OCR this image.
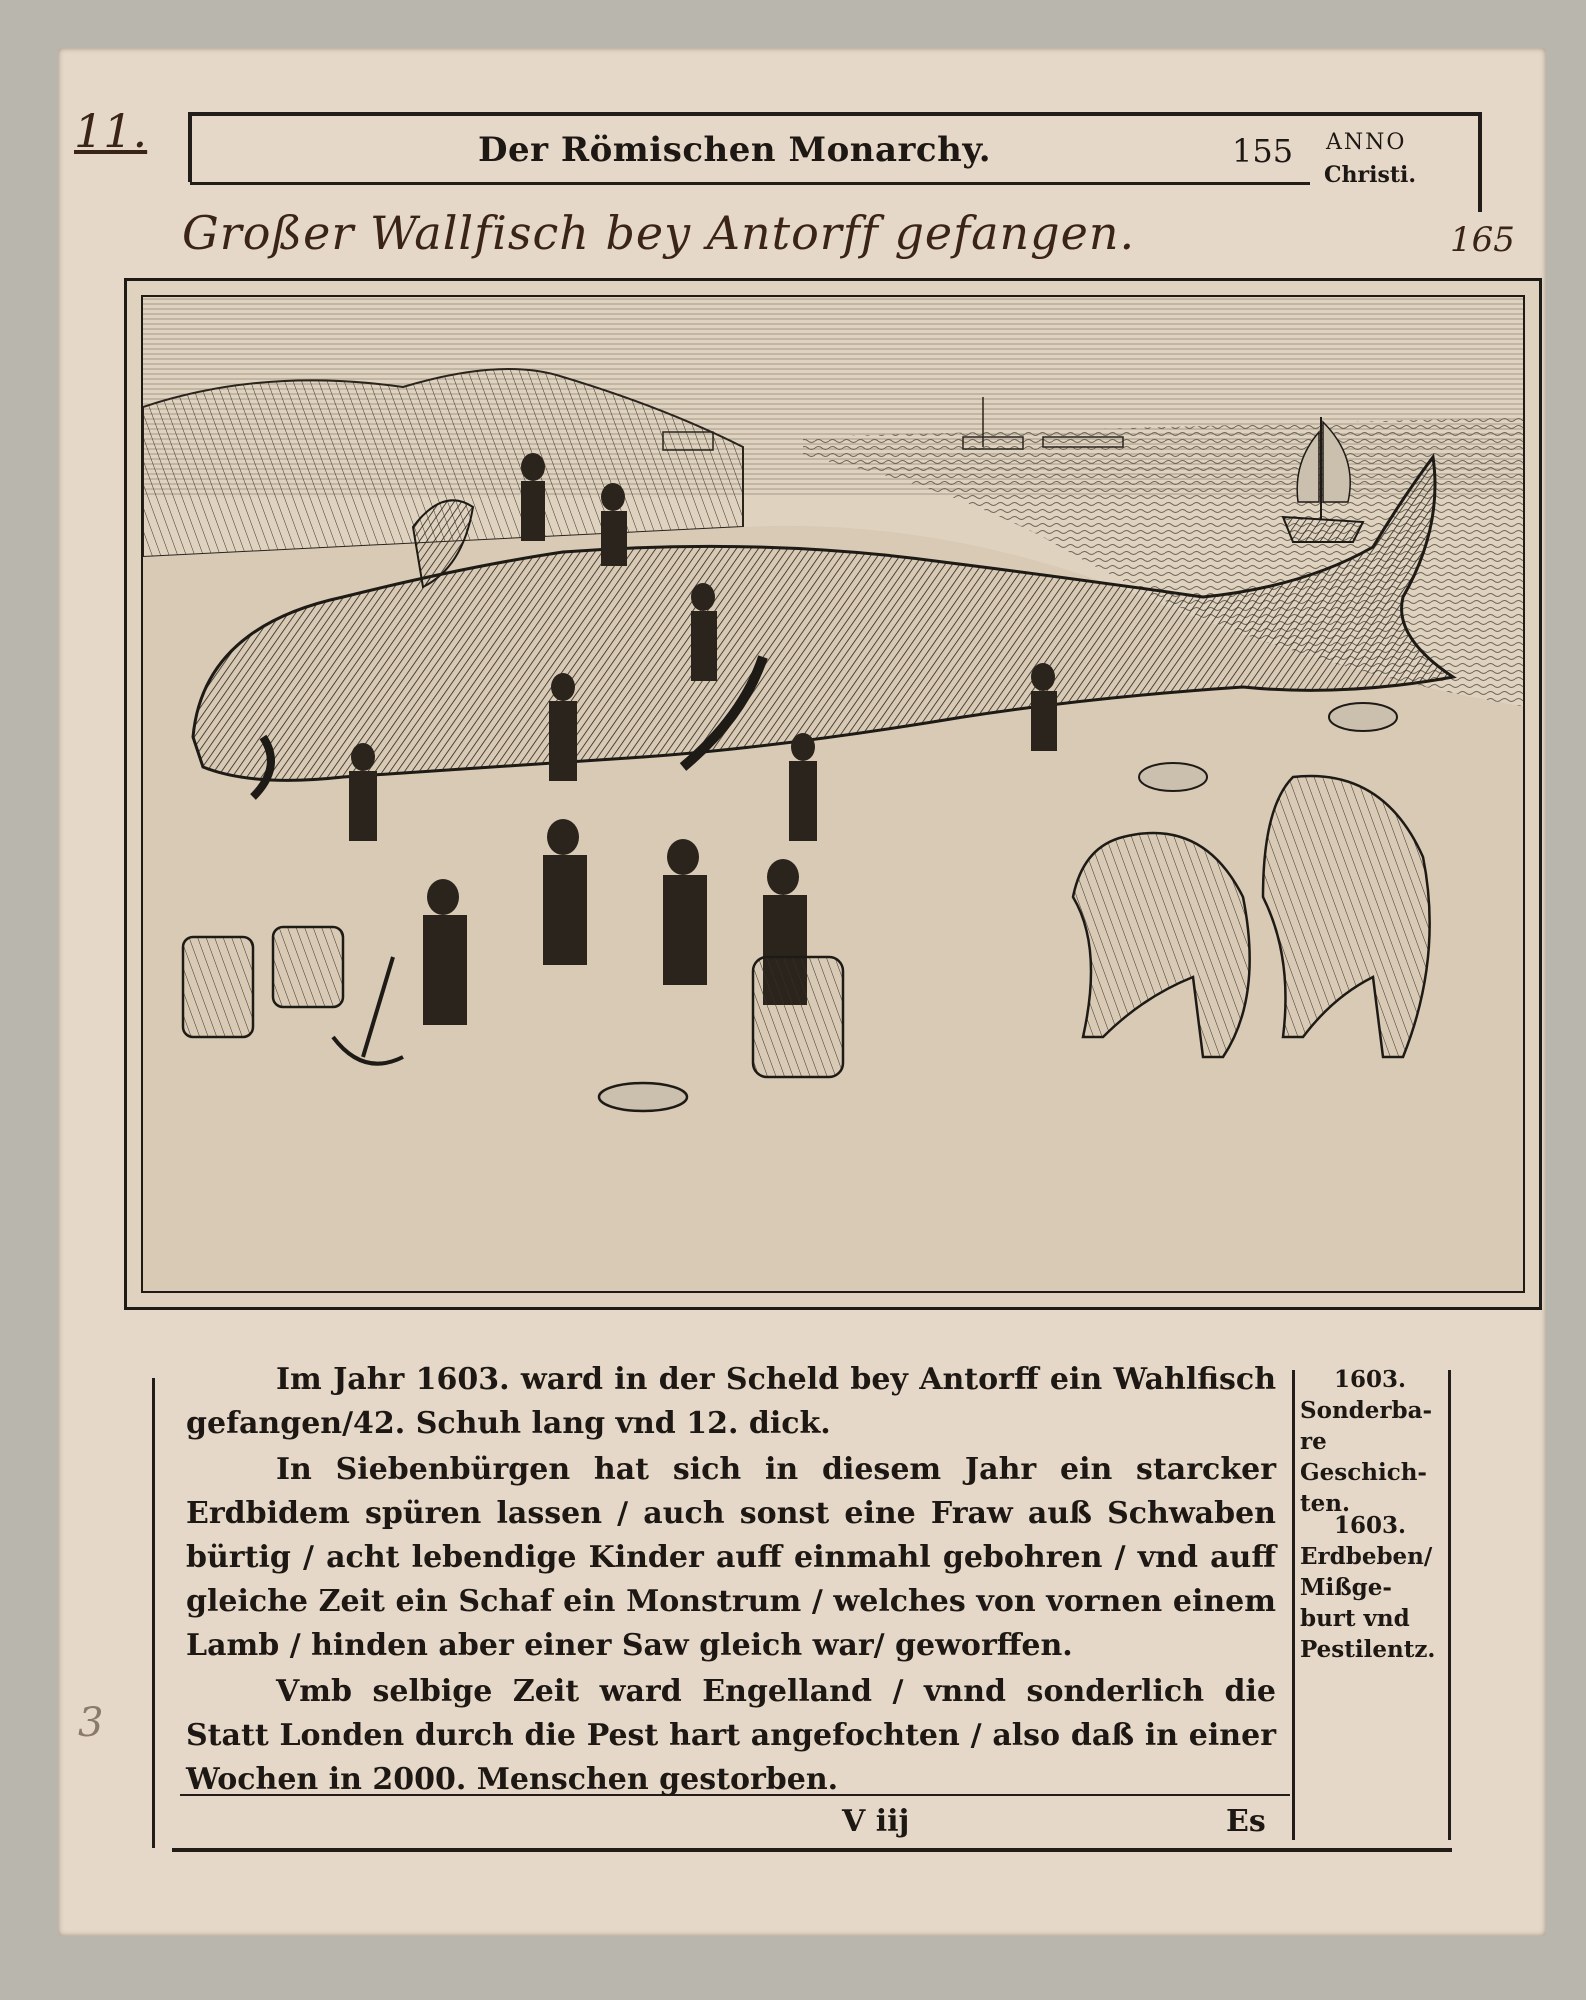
11.	Der Römischen Monarchy.	155 ANNO
Christi.
Großer Wallfisch bey Antorff gefangen.	165
3

Im Jahr 1603. ward in der Scheld bey Antorff ein Wahlfisch gefangen/42. Schuh lang vnd 12. dick.

In Siebenbürgen hat sich in diesem Jahr ein starcker Erdbidem spüren lassen / auch sonst eine Fraw auß Schwaben bürtig / acht lebendige Kinder auff einmahl gebohren / vnd auff gleiche Zeit ein Schaf ein Monstrum / welches von vornen einem Lamb / hinden aber einer Saw gleich war/ geworffen.

Vmb selbige Zeit ward Engelland / vnnd sonderlich die Statt Londen durch die Pest hart angefochten / also daß in einer Wochen in 2000. Menschen gestorben.

1603.
Sonderba-
re Geschich-
ten.
1603.
Erdbeben/
Mißge-
burt vnd
Pestilentz.
V iij	Es
